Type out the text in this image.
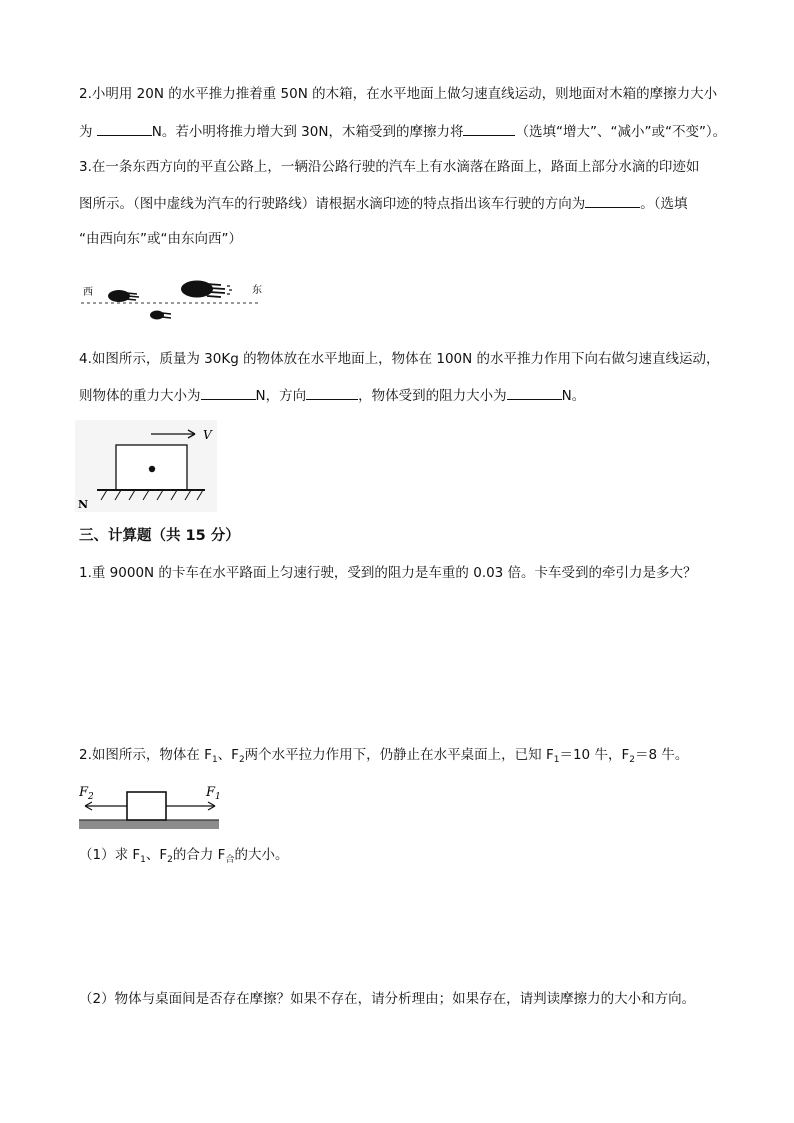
2.小明用 20N 的水平推力推着重 50N 的木箱，在水平地面上做匀速直线运动，则地面对木箱的摩擦力大小
为	N。若小明将推力增大到 30N，木箱受到的摩擦力将	（选填“增大”、“减小”或“不变”）。
3.在一条东西方向的平直公路上，一辆沿公路行驶的汽车上有水滴落在路面上，路面上部分水滴的印迹如
图所示。（图中虚线为汽车的行驶路线）请根据水滴印迹的特点指出该车行驶的方向为	。（选填
“由西向东”或“由东向西”）
西	东
4.如图所示，质量为 30Kg 的物体放在水平地面上，物体在 100N 的水平推力作用下向右做匀速直线运动，
则物体的重力大小为	N，方向	，物体受到的阻力大小为	N。
V
N
三、计算题（共 15 分）
1.重 9000N 的卡车在水平路面上匀速行驶，受到的阻力是车重的 0.03 倍。卡车受到的牵引力是多大？
2.如图所示，物体在 $F_1$、$F_2$两个水平拉力作用下，仍静止在水平桌面上，已知 $F_1=10$ 牛，$F_2=8$ 牛。
$F_2$	$F_1$
（1）求 $F_1$、$F_2$的合力 $F_合$的大小。
（2）物体与桌面间是否存在摩擦？如果不存在，请分析理由；如果存在，请判读摩擦力的大小和方向。
